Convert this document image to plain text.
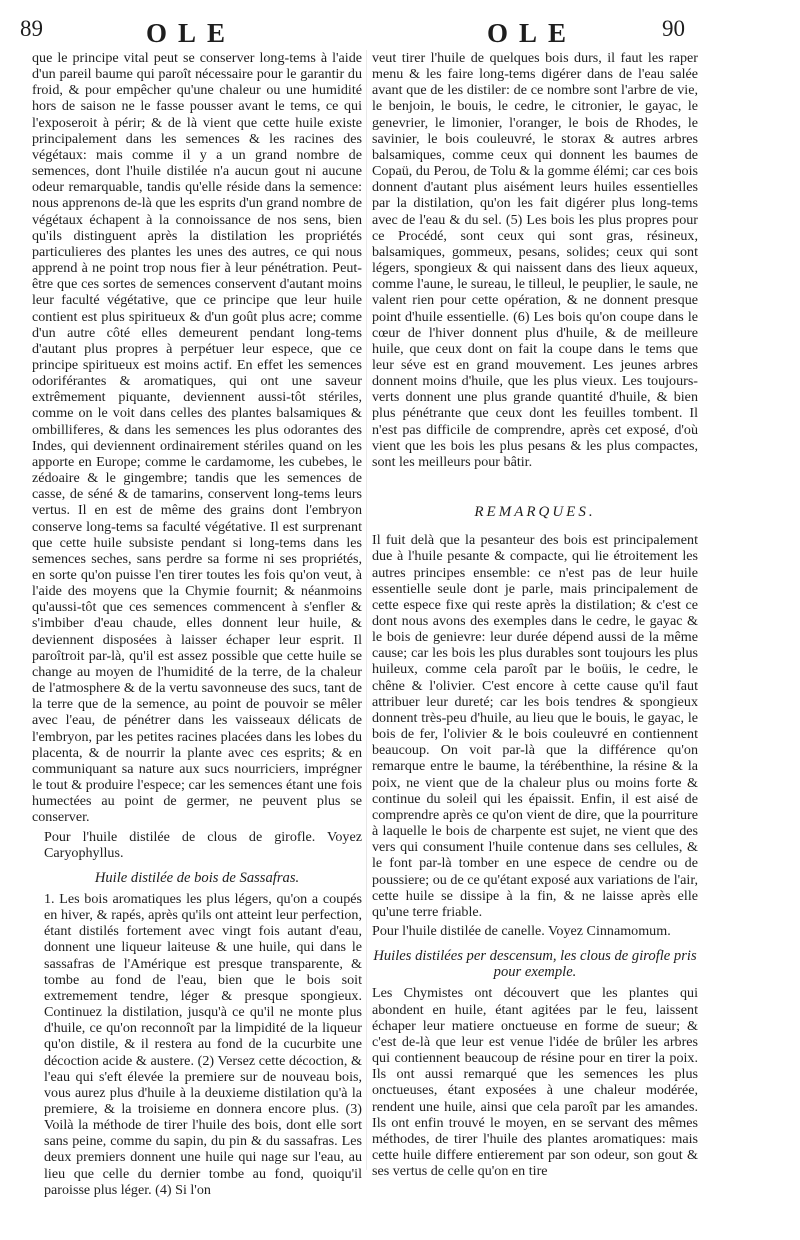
89	OLE	OLE	90

que le principe vital peut se conserver long-tems à l'aide d'un pareil baume qui paroît nécessaire pour le garantir du froid, & pour empêcher qu'une chaleur ou une humidité hors de saison ne le fasse pousser avant le tems, ce qui l'exposeroit à périr; & de là vient que cette huile existe principalement dans les semences & les racines des végétaux: mais comme il y a un grand nombre de semences, dont l'huile distilée n'a aucun gout ni aucune odeur remarquable, tandis qu'elle réside dans la semence: nous apprenons de-là que les esprits d'un grand nombre de végétaux échapent à la connoissance de nos sens, bien qu'ils distinguent après la distilation les propriétés particulieres des plantes les unes des autres, ce qui nous apprend à ne point trop nous fier à leur pénétration. Peut-être que ces sortes de semences conservent d'autant moins leur faculté végétative, que ce principe que leur huile contient est plus spiritueux & d'un goût plus acre; comme d'un autre côté elles demeurent pendant long-tems d'autant plus propres à perpétuer leur espece, que ce principe spiritueux est moins actif. En effet les semences odoriférantes & aromatiques, qui ont une saveur extrêmement piquante, deviennent aussi-tôt stériles, comme on le voit dans celles des plantes balsamiques & ombilliferes, & dans les semences les plus odorantes des Indes, qui deviennent ordinairement stériles quand on les apporte en Europe; comme le cardamome, les cubebes, le zédoaire & le gingembre; tandis que les semences de casse, de séné & de tamarins, conservent long-tems leurs vertus. Il en est de même des grains dont l'embryon conserve long-tems sa faculté végétative. Il est surprenant que cette huile subsiste pendant si long-tems dans les semences seches, sans perdre sa forme ni ses propriétés, en sorte qu'on puisse l'en tirer toutes les fois qu'on veut, à l'aide des moyens que la Chymie fournit; & néanmoins qu'aussi-tôt que ces semences commencent à s'enfler & s'imbiber d'eau chaude, elles donnent leur huile, & deviennent disposées à laisser échaper leur esprit. Il paroîtroit par-là, qu'il est assez possible que cette huile se change au moyen de l'humidité de la terre, de la chaleur de l'atmosphere & de la vertu savonneuse des sucs, tant de la terre que de la semence, au point de pouvoir se mêler avec l'eau, de pénétrer dans les vaisseaux délicats de l'embryon, par les petites racines placées dans les lobes du placenta, & de nourrir la plante avec ces esprits; & en communiquant sa nature aux sucs nourriciers, imprégner le tout & produire l'espece; car les semences étant une fois humectées au point de germer, ne peuvent plus se conserver.

Pour l'huile distilée de clous de girofle. Voyez Caryophyllus.

Huile distilée de bois de Sassafras.

1. Les bois aromatiques les plus légers, qu'on a coupés en hiver, & rapés, après qu'ils ont atteint leur perfection, étant distilés fortement avec vingt fois autant d'eau, donnent une liqueur laiteuse & une huile, qui dans le sassafras de l'Amérique est presque transparente, & tombe au fond de l'eau, bien que le bois soit extremement tendre, léger & presque spongieux. Continuez la distilation, jusqu'à ce qu'il ne monte plus d'huile, ce qu'on reconnoît par la limpidité de la liqueur qu'on distile, & il restera au fond de la cucurbite une décoction acide & austere. (2) Versez cette décoction, & l'eau qui s'eft élevée la premiere sur de nouveau bois, vous aurez plus d'huile à la deuxieme distilation qu'à la premiere, & la troisieme en donnera encore plus. (3) Voilà la méthode de tirer l'huile des bois, dont elle sort sans peine, comme du sapin, du pin & du sassafras. Les deux premiers donnent une huile qui nage sur l'eau, au lieu que celle du dernier tombe au fond, quoiqu'il paroisse plus léger. (4) Si l'on

veut tirer l'huile de quelques bois durs, il faut les raper menu & les faire long-tems digérer dans de l'eau salée avant que de les distiler: de ce nombre sont l'arbre de vie, le benjoin, le bouis, le cedre, le citronier, le gayac, le genevrier, le limonier, l'oranger, le bois de Rhodes, le savinier, le bois couleuvré, le storax & autres arbres balsamiques, comme ceux qui donnent les baumes de Copaü, du Perou, de Tolu & la gomme élémi; car ces bois donnent d'autant plus aisément leurs huiles essentielles par la distilation, qu'on les fait digérer plus long-tems avec de l'eau & du sel. (5) Les bois les plus propres pour ce Procédé, sont ceux qui sont gras, résineux, balsamiques, gommeux, pesans, solides; ceux qui sont légers, spongieux & qui naissent dans des lieux aqueux, comme l'aune, le sureau, le tilleul, le peuplier, le saule, ne valent rien pour cette opération, & ne donnent presque point d'huile essentielle. (6) Les bois qu'on coupe dans le cœur de l'hiver donnent plus d'huile, & de meilleure huile, que ceux dont on fait la coupe dans le tems que leur séve est en grand mouvement. Les jeunes arbres donnent moins d'huile, que les plus vieux. Les toujours-verts donnent une plus grande quantité d'huile, & bien plus pénétrante que ceux dont les feuilles tombent. Il n'est pas difficile de comprendre, après cet exposé, d'où vient que les bois les plus pesans & les plus compactes, sont les meilleurs pour bâtir.

REMARQUES.

Il fuit delà que la pesanteur des bois est principalement due à l'huile pesante & compacte, qui lie étroitement les autres principes ensemble: ce n'est pas de leur huile essentielle seule dont je parle, mais principalement de cette espece fixe qui reste après la distilation; & c'est ce dont nous avons des exemples dans le cedre, le gayac & le bois de genievre: leur durée dépend aussi de la même cause; car les bois les plus durables sont toujours les plus huileux, comme cela paroît par le boüis, le cedre, le chêne & l'olivier. C'est encore à cette cause qu'il faut attribuer leur dureté; car les bois tendres & spongieux donnent très-peu d'huile, au lieu que le bouis, le gayac, le bois de fer, l'olivier & le bois couleuvré en contiennent beaucoup. On voit par-là que la différence qu'on remarque entre le baume, la térébenthine, la résine & la poix, ne vient que de la chaleur plus ou moins forte & continue du soleil qui les épaissit. Enfin, il est aisé de comprendre après ce qu'on vient de dire, que la pourriture à laquelle le bois de charpente est sujet, ne vient que des vers qui consument l'huile contenue dans ses cellules, & le font par-là tomber en une espece de cendre ou de poussiere; ou de ce qu'étant exposé aux variations de l'air, cette huile se dissipe à la fin, & ne laisse après elle qu'une terre friable.

Pour l'huile distilée de canelle. Voyez Cinnamomum.

Huiles distilées per descensum, les clous de girofle pris pour exemple.

Les Chymistes ont découvert que les plantes qui abondent en huile, étant agitées par le feu, laissent échaper leur matiere onctueuse en forme de sueur; & c'est de-là que leur est venue l'idée de brûler les arbres qui contiennent beaucoup de résine pour en tirer la poix. Ils ont aussi remarqué que les semences les plus onctueuses, étant exposées à une chaleur modérée, rendent une huile, ainsi que cela paroît par les amandes. Ils ont enfin trouvé le moyen, en se servant des mêmes méthodes, de tirer l'huile des plantes aromatiques: mais cette huile differe entierement par son odeur, son gout & ses vertus de celle qu'on en tire
